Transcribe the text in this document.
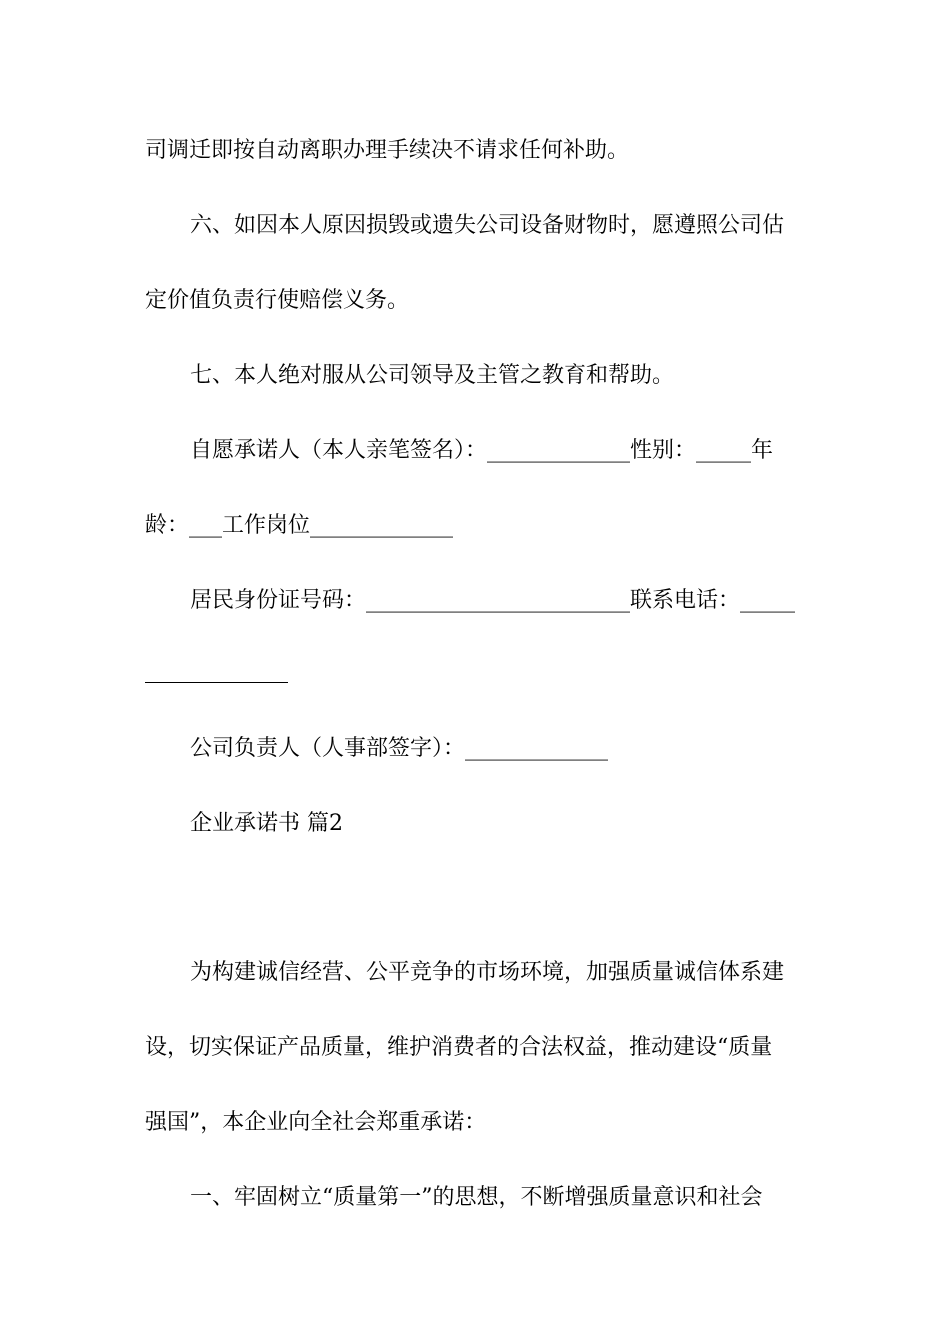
司调迁即按自动离职办理手续决不请求任何补助。
六、如因本人原因损毁或遗失公司设备财物时，愿遵照公司估
定价值负责行使赔偿义务。
七、本人绝对服从公司领导及主管之教育和帮助。
自愿承诺人（本人亲笔签名）：_____________性别：_____年
龄：___工作岗位_____________
居民身份证号码：________________________联系电话：_____
公司负责人（人事部签字）：_____________
企业承诺书 篇2
为构建诚信经营、公平竞争的市场环境，加强质量诚信体系建
设，切实保证产品质量，维护消费者的合法权益，推动建设“质量
强国”，本企业向全社会郑重承诺：
一、牢固树立“质量第一”的思想，不断增强质量意识和社会
